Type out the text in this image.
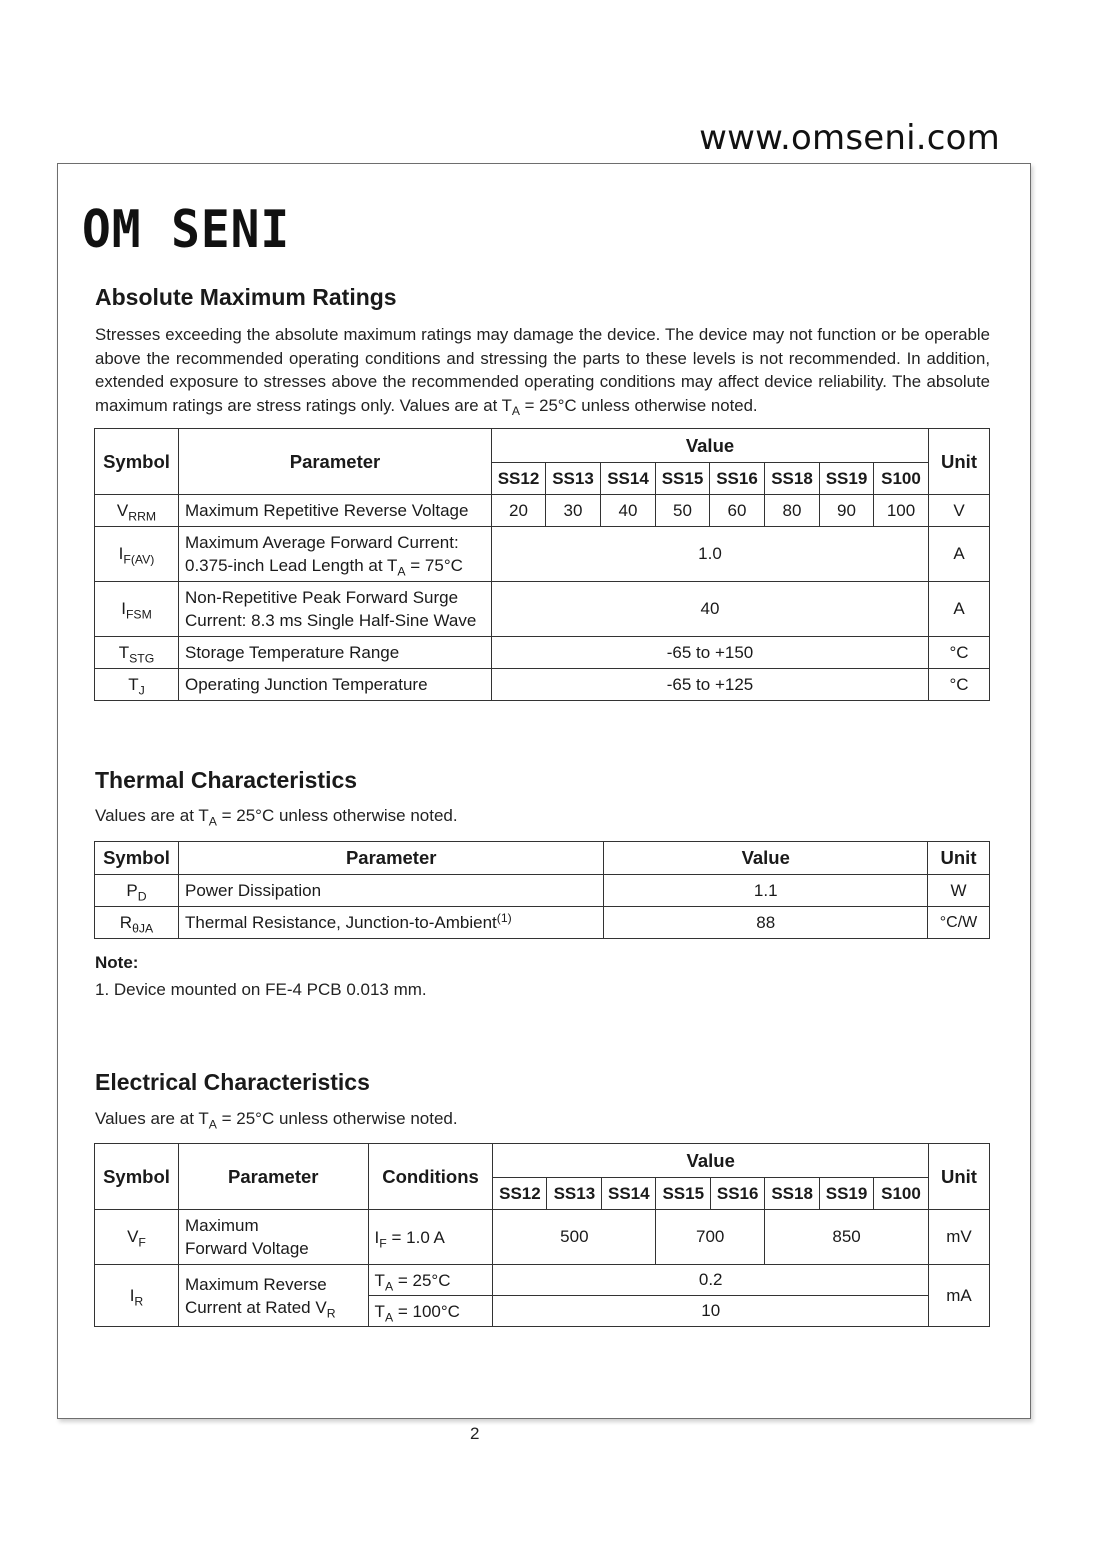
www.omseni.com
OM SENI
Absolute Maximum Ratings
Stresses exceeding the absolute maximum ratings may damage the device. The device may not function or be operable above the recommended operating conditions and stressing the parts to these levels is not recommended. In addition, extended exposure to stresses above the recommended operating conditions may affect device reliability. The absolute maximum ratings are stress ratings only. Values are at $T_A = 25^\circ C$ unless otherwise noted.
Symbol	Parameter	Value								Unit
		SS12	SS13	SS14	SS15	SS16	SS18	SS19	S100	
$V_{RRM}$	Maximum Repetitive Reverse Voltage	20	30	40	50	60	80	90	100	V
$I_{F(AV)}$	Maximum Average Forward Current:
0.375-inch Lead Length at $T_A = 75^\circ C$	1.0								A
$I_{FSM}$	Non-Repetitive Peak Forward Surge
Current: 8.3 ms Single Half-Sine Wave	40								A
$T_{STG}$	Storage Temperature Range	-65 to +150								°C
$T_J$	Operating Junction Temperature	-65 to +125								°C
Thermal Characteristics
Values are at $T_A = 25^\circ C$ unless otherwise noted.
Symbol	Parameter	Value	Unit
$P_D$	Power Dissipation	1.1	W
$R_{\theta JA}$	Thermal Resistance, Junction-to-Ambient$^{(1)}$	88	°C/W
Note:
1. Device mounted on FE-4 PCB 0.013 mm.
Electrical Characteristics
Values are at $T_A = 25^\circ C$ unless otherwise noted.
Symbol	Parameter	Conditions	Value								Unit
			SS12	SS13	SS14	SS15	SS16	SS18	SS19	S100	
$V_F$	Maximum
Forward Voltage	$I_F = 1.0$ A	500			700		850			mV
$I_R$	Maximum Reverse
Current at Rated $V_R$	$T_A = 25^\circ C$	0.2								mA
		$T_A = 100^\circ C$	10								
2
